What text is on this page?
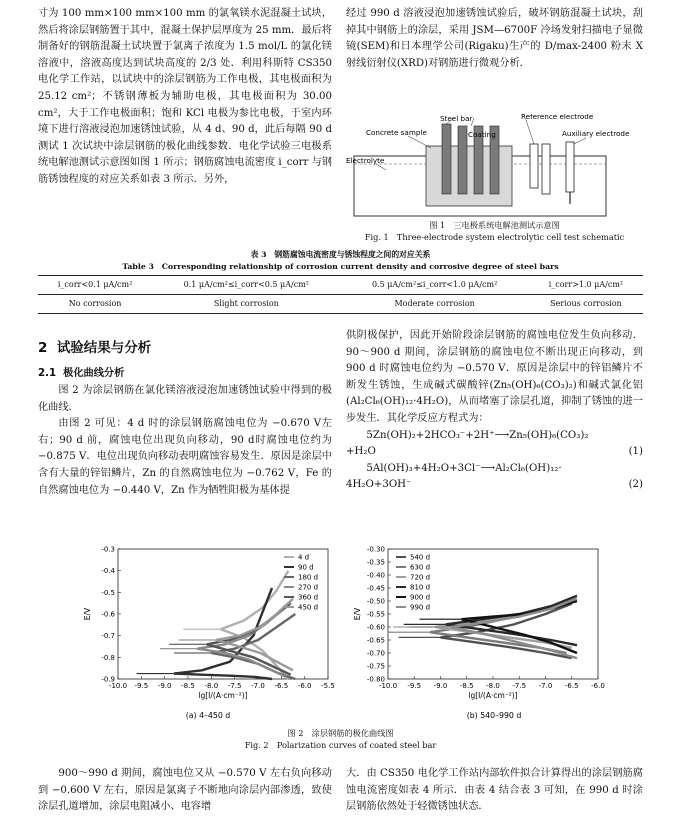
寸为 100 mm×100 mm×100 mm 的氯氧镁水泥混凝土试块，然后将涂层钢筋置于其中，混凝土保护层厚度为 25 mm．最后将制备好的钢筋混凝土试块置于氯离子浓度为 1.5 mol/L 的氯化镁溶液中，溶液高度达到试块高度的 2/3 处．利用科斯特 CS350 电化学工作站，以试块中的涂层钢筋为工作电极，其电极面积为 25.12 cm²；不锈钢薄板为辅助电极，其电极面积为 30.00 cm²，大于工作电极面积；饱和 KCl 电极为参比电极，于室内环境下进行溶液浸泡加速锈蚀试验，从 4 d、90 d，此后每隔 90 d 测试 1 次试块中涂层钢筋的极化曲线参数．电化学试验三电极系统电解池测试示意图如图 1 所示；钢筋腐蚀电流密度 i_corr 与钢筋锈蚀程度的对应关系如表 3 所示．另外，

经过 990 d 溶液浸泡加速锈蚀试验后，破坏钢筋混凝土试块，刮掉其中钢筋上的涂层，采用 JSM—6700F 冷场发射扫描电子显微镜(SEM)和日本理学公司(Rigaku)生产的 D/max-2400 粉末 X 射线衍射仪(XRD)对钢筋进行微观分析．

Steel bar
Coating
Reference electrode
Concrete sample	Auxiliary electrode
Electrolyte
图 1　三电极系统电解池测试示意图
Fig. 1　Three-electrode system electrolytic cell test schematic
表 3　钢筋腐蚀电流密度与锈蚀程度之间的对应关系
Table 3　Corresponding relationship of corrosion current density and corrosive degree of steel bars
i_corr<0.1 μA/cm²	0.1 μA/cm²≤i_corr<0.5 μA/cm²	0.5 μA/cm²≤i_corr<1.0 μA/cm²	i_corr>1.0 μA/cm²
No corrosion	Slight corrosion	Moderate corrosion	Serious corrosion
2 试验结果与分析
2.1 极化曲线分析

图 2 为涂层钢筋在氯化镁溶液浸泡加速锈蚀试验中得到的极化曲线．

由图 2 可见：4 d 时的涂层钢筋腐蚀电位为 −0.670 V左右；90 d 前，腐蚀电位出现负向移动，90 d时腐蚀电位约为 −0.875 V．电位出现负向移动表明腐蚀容易发生．原因是涂层中含有大量的锌铝鳞片，Zn 的自然腐蚀电位为 −0.762 V，Fe 的自然腐蚀电位为 −0.440 V，Zn 作为牺牲阳极为基体提

供阴极保护，因此开始阶段涂层钢筋的腐蚀电位发生负向移动．90～900 d 期间，涂层钢筋的腐蚀电位不断出现正向移动，到 900 d 时腐蚀电位约为 −0.570 V．原因是涂层中的锌铝鳞片不断发生锈蚀，生成碱式碳酸锌(Zn₅(OH)₆(CO₃)₂)和碱式氯化铝(Al₂Cl₆(OH)₁₂·4H₂O)，从而堵塞了涂层孔道，抑制了锈蚀的进一步发生．其化学反应方程式为：

5Zn(OH)₂+2HCO₃⁻+2H⁺⟶Zn₅(OH)₆(CO₃)₂

+H₂O	(1)

5Al(OH)₃+4H₂O+3Cl⁻⟶Al₂Cl₆(OH)₁₂·

4H₂O+3OH⁻	(2)

-10.0 -9.5 -9.0 -8.5 -8.0 -7.5 -7.0 -6.5 -6.0 -5.5
-0.3
-0.4
-0.5
-0.6
-0.7
-0.8
-0.9
lg[I/(A·cm⁻²)]
E/V
4 d
90 d
180 d
270 d
360 d
450 d
-10.0 -9.5 -9.0 -8.5 -8.0 -7.5 -7.0 -6.5 -6.0
-0.30
-0.35
-0.40
-0.45
-0.50
-0.55
-0.60
-0.65
-0.70
-0.75
-0.80
lg[I/(A·cm⁻²)]
E/V
540 d
630 d
720 d
810 d
900 d
990 d
(a) 4–450 d	(b) 540–990 d
图 2　涂层钢筋的极化曲线图
Fig. 2　Polarization curves of coated steel bar

900～990 d 期间，腐蚀电位又从 −0.570 V 左右负向移动到 −0.600 V 左右，原因是氯离子不断地向涂层内部渗透，致使涂层孔道增加，涂层电阻减小、电容增

大．由 CS350 电化学工作站内部软件拟合计算得出的涂层钢筋腐蚀电流密度如表 4 所示．由表 4 结合表 3 可知，在 990 d 时涂层钢筋依然处于轻微锈蚀状态．
